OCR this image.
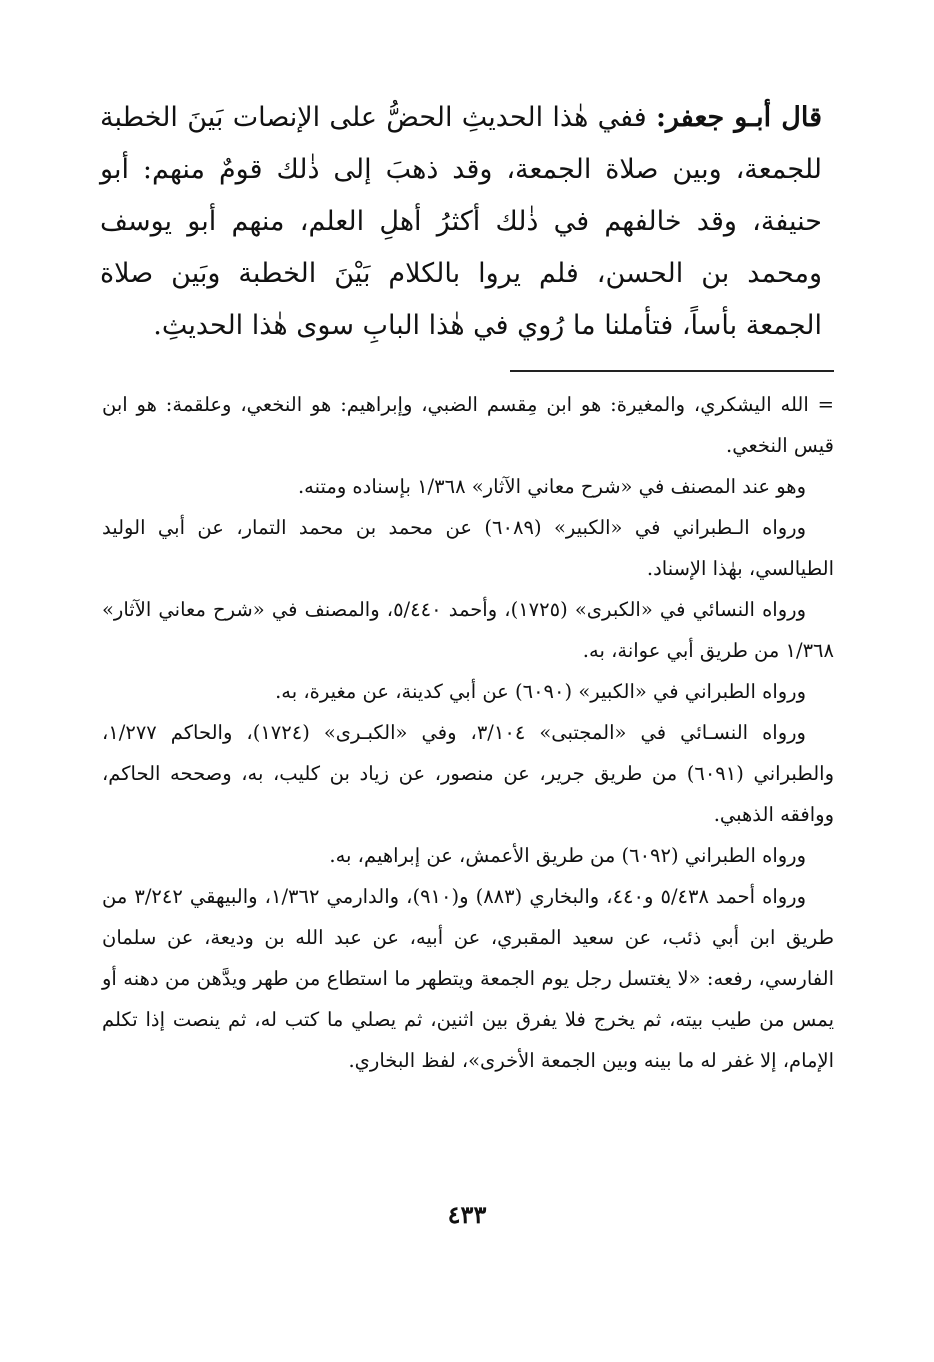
قال أبـو جعفر: ففي هٰذا الحديثِ الحضُّ على الإنصات بَينَ الخطبة للجمعة، وبين صلاة الجمعة، وقد ذهبَ إلى ذٰلك قومٌ منهم: أبو حنيفة، وقد خالفهم في ذٰلك أكثرُ أهلِ العلم، منهم أبو يوسف ومحمد بن الحسن، فلم يروا بالكلام بَيْنَ الخطبة وبَين صلاة الجمعة بأساً، فتأملنا ما رُوي في هٰذا البابِ سوى هٰذا الحديثِ.

= الله اليشكري، والمغيرة: هو ابن مِقسم الضبي، وإبراهيم: هو النخعي، وعلقمة: هو ابن قيس النخعي.

وهو عند المصنف في «شرح معاني الآثار» ١/٣٦٨ بإسناده ومتنه.

ورواه الـطبراني في «الكبير» (٦٠٨٩) عن محمد بن محمد التمار، عن أبي الوليد الطيالسي، بهٰذا الإسناد.

ورواه النسائي في «الكبرى» (١٧٢٥)، وأحمد ٥/٤٤٠، والمصنف في «شرح معاني الآثار» ١/٣٦٨ من طريق أبي عوانة، به.

ورواه الطبراني في «الكبير» (٦٠٩٠) عن أبي كدينة، عن مغيرة، به.

ورواه النسـائي في «المجتبى» ٣/١٠٤، وفي «الكبـرى» (١٧٢٤)، والحاكم ١/٢٧٧، والطبراني (٦٠٩١) من طريق جرير، عن منصور، عن زياد بن كليب، به، وصححه الحاكم، ووافقه الذهبي.

ورواه الطبراني (٦٠٩٢) من طريق الأعمش، عن إبراهيم، به.

ورواه أحمد ٥/٤٣٨ و٤٤٠، والبخاري (٨٨٣) و(٩١٠)، والدارمي ١/٣٦٢، والبيهقي ٣/٢٤٢ من طريق ابن أبي ذئب، عن سعيد المقبري، عن أبيه، عن عبد الله بن وديعة، عن سلمان الفارسي، رفعه: «لا يغتسل رجل يوم الجمعة ويتطهر ما استطاع من طهر ويدَّهن من دهنه أو يمس من طيب بيته، ثم يخرج فلا يفرق بين اثنين، ثم يصلي ما كتب له، ثم ينصت إذا تكلم الإمام، إلا غفر له ما بينه وبين الجمعة الأخرى»، لفظ البخاري.

٤٣٣
